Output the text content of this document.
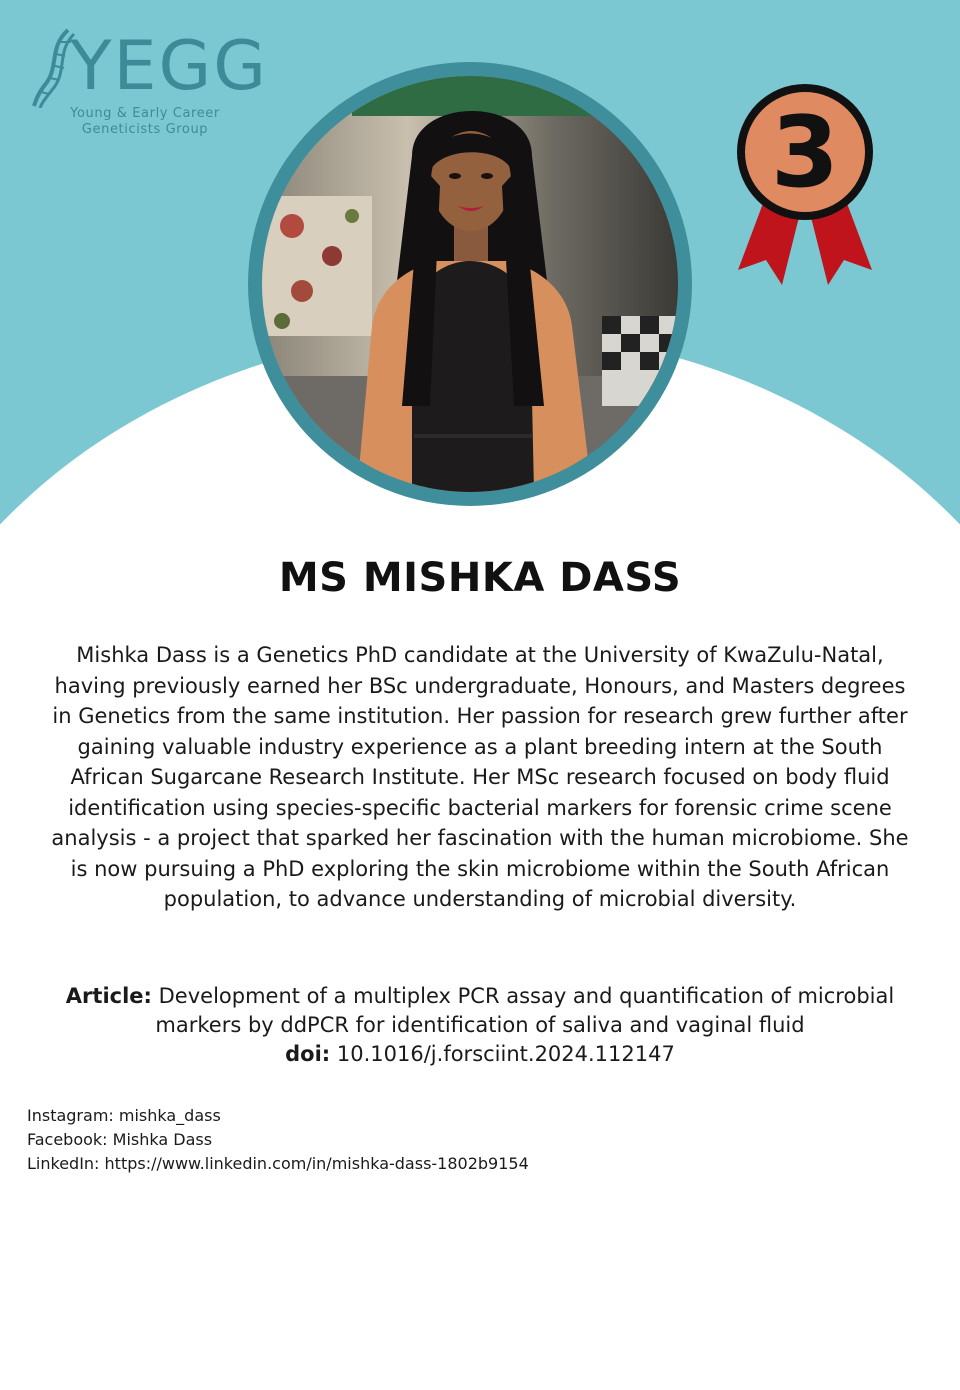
YEGG
Young & Early Career
Geneticists Group	3
MS MISHKA DASS

Mishka Dass is a Genetics PhD candidate at the University of KwaZulu-Natal, having previously earned her BSc undergraduate, Honours, and Masters degrees in Genetics from the same institution. Her passion for research grew further after gaining valuable industry experience as a plant breeding intern at the South African Sugarcane Research Institute. Her MSc research focused on body fluid identification using species-specific bacterial markers for forensic crime scene analysis - a project that sparked her fascination with the human microbiome. She is now pursuing a PhD exploring the skin microbiome within the South African population, to advance understanding of microbial diversity.

Article: Development of a multiplex PCR assay and quantification of microbial markers by ddPCR for identification of saliva and vaginal fluid
doi: 10.1016/j.forsciint.2024.112147
Instagram: mishka_dass
Facebook: Mishka Dass
LinkedIn: https://www.linkedin.com/in/mishka-dass-1802b9154
